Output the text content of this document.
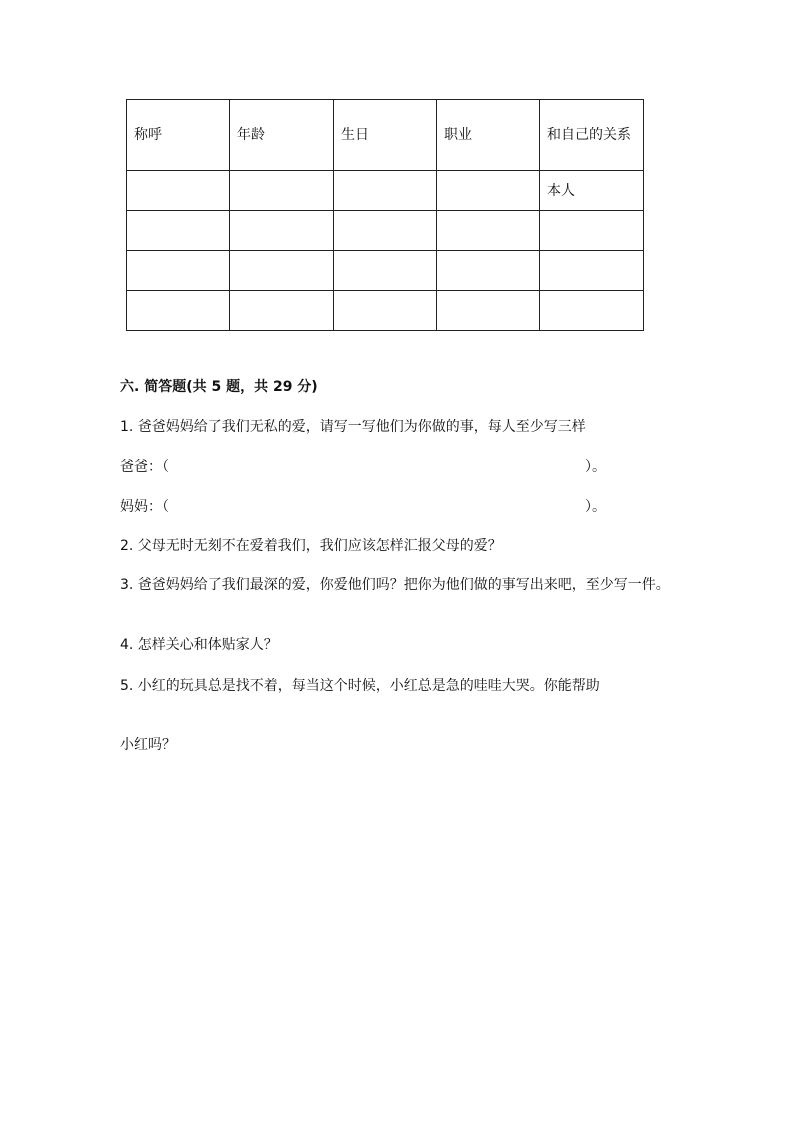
称呼	年龄	生日	职业	和自己的关系
				本人

六. 简答题(共 5 题，共 29 分)
1. 爸爸妈妈给了我们无私的爱，请写一写他们为你做的事，每人至少写三样
爸爸：（	）。
妈妈：（	）。
2. 父母无时无刻不在爱着我们，我们应该怎样汇报父母的爱？
3. 爸爸妈妈给了我们最深的爱，你爱他们吗？把你为他们做的事写出来吧，至少写一件。
4. 怎样关心和体贴家人？
5. 小红的玩具总是找不着，每当这个时候，小红总是急的哇哇大哭。你能帮助
小红吗？
